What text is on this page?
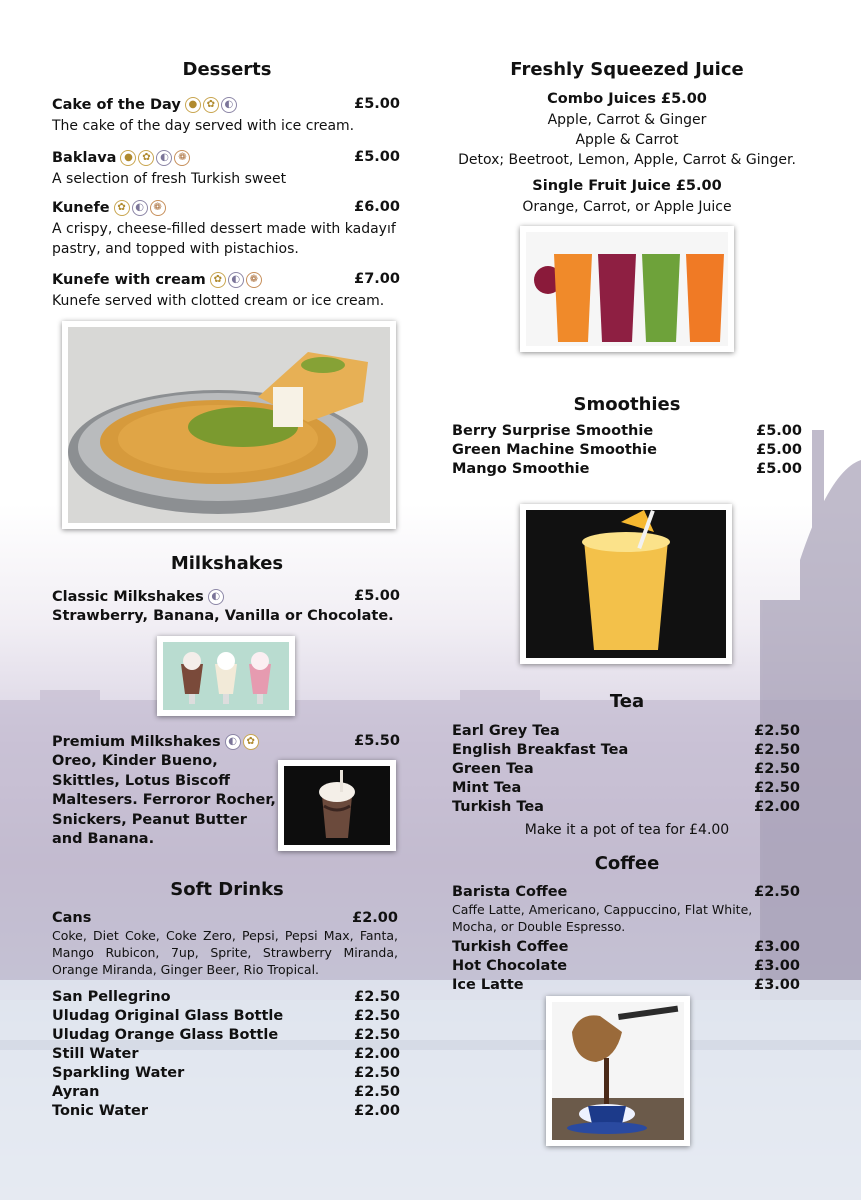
Desserts
Cake of the Day ● ✿ ◐	£5.00
The cake of the day served with ice cream.
Baklava ● ✿ ◐ ❁	£5.00
A selection of fresh Turkish sweet
Kunefe ✿ ◐ ❁	£6.00
A crispy, cheese-filled dessert made with kadayıf pastry, and topped with pistachios.
Kunefe with cream ✿ ◐ ❁	£7.00
Kunefe served with clotted cream or ice cream.
Milkshakes
Classic Milkshakes ◐	£5.00
Strawberry, Banana, Vanilla or Chocolate.
Premium Milkshakes ◐ ✿	£5.50
Oreo, Kinder Bueno,
Skittles, Lotus Biscoff
Maltesers. Ferroror Rocher,
Snickers, Peanut Butter
and Banana.
Soft Drinks
Cans	£2.00
Coke, Diet Coke, Coke Zero, Pepsi, Pepsi Max, Fanta, Mango Rubicon, 7up, Sprite, Strawberry Miranda, Orange Miranda, Ginger Beer, Rio Tropical.
San Pellegrino	£2.50
Uludag Original Glass Bottle	£2.50
Uludag Orange Glass Bottle	£2.50
Still Water	£2.00
Sparkling Water	£2.50
Ayran	£2.50
Tonic Water	£2.00
Freshly Squeezed Juice
Combo Juices £5.00
Apple, Carrot & Ginger
Apple & Carrot
Detox; Beetroot, Lemon, Apple, Carrot & Ginger.
Single Fruit Juice £5.00
Orange, Carrot, or Apple Juice
Smoothies
Berry Surprise Smoothie	£5.00
Green Machine Smoothie	£5.00
Mango Smoothie	£5.00
Tea
Earl Grey Tea	£2.50
English Breakfast Tea	£2.50
Green Tea	£2.50
Mint Tea	£2.50
Turkish Tea	£2.00
Make it a pot of tea for £4.00
Coffee
Barista Coffee	£2.50
Caffe Latte, Americano, Cappuccino, Flat White, Mocha, or Double Espresso.
Turkish Coffee	£3.00
Hot Chocolate	£3.00
Ice Latte	£3.00
